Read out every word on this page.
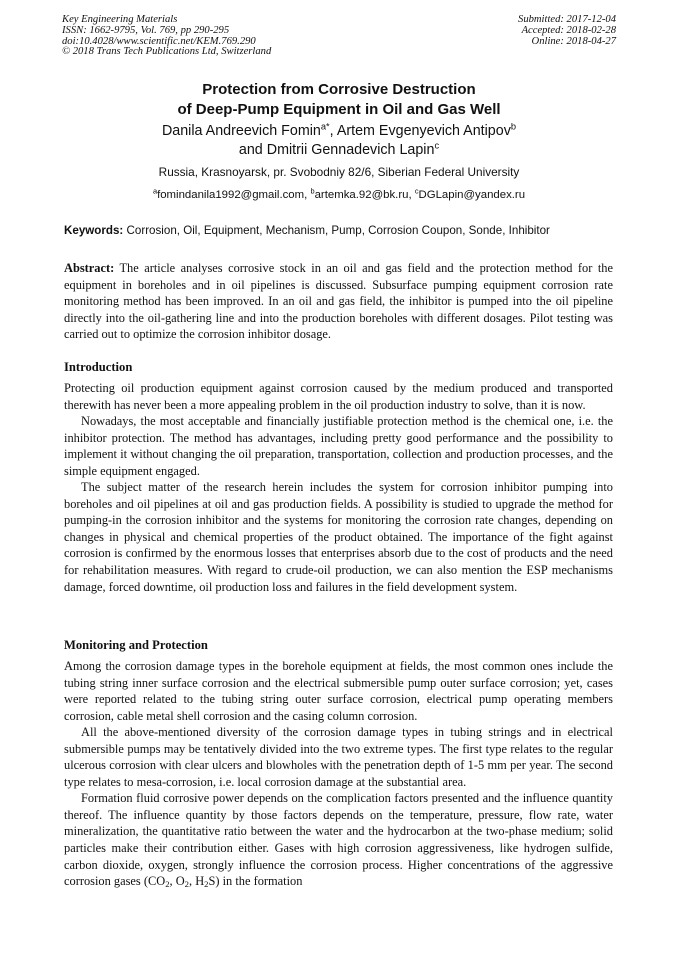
Key Engineering Materials
ISSN: 1662-9795, Vol. 769, pp 290-295
doi:10.4028/www.scientific.net/KEM.769.290
© 2018 Trans Tech Publications Ltd, Switzerland
Submitted: 2017-12-04
Accepted: 2018-02-28
Online: 2018-04-27
Protection from Corrosive Destruction
of Deep-Pump Equipment in Oil and Gas Well
Danila Andreevich Fomin$^{a*}$, Artem Evgenyevich Antipov$^b$
and Dmitrii Gennadevich Lapin$^c$
Russia, Krasnoyarsk, pr. Svobodniy 82/6, Siberian Federal University
$^a$fomindanila1992@gmail.com, $^b$artemka.92@bk.ru, $^c$DGLapin@yandex.ru
Keywords: Corrosion, Oil, Equipment, Mechanism, Pump, Corrosion Coupon, Sonde, Inhibitor

Abstract: The article analyses corrosive stock in an oil and gas field and the protection method for the equipment in boreholes and in oil pipelines is discussed. Subsurface pumping equipment corrosion rate monitoring method has been improved. In an oil and gas field, the inhibitor is pumped into the oil pipeline directly into the oil-gathering line and into the production boreholes with different dosages. Pilot testing was carried out to optimize the corrosion inhibitor dosage.

Introduction

Protecting oil production equipment against corrosion caused by the medium produced and transported therewith has never been a more appealing problem in the oil production industry to solve, than it is now.

Nowadays, the most acceptable and financially justifiable protection method is the chemical one, i.e. the inhibitor protection. The method has advantages, including pretty good performance and the possibility to implement it without changing the oil preparation, transportation, collection and production processes, and the simple equipment engaged.

The subject matter of the research herein includes the system for corrosion inhibitor pumping into boreholes and oil pipelines at oil and gas production fields. A possibility is studied to upgrade the method for pumping-in the corrosion inhibitor and the systems for monitoring the corrosion rate changes, depending on changes in physical and chemical properties of the product obtained. The importance of the fight against corrosion is confirmed by the enormous losses that enterprises absorb due to the cost of products and the need for rehabilitation measures. With regard to crude-oil production, we can also mention the ESP mechanisms damage, forced downtime, oil production loss and failures in the field development system.

Monitoring and Protection

Among the corrosion damage types in the borehole equipment at fields, the most common ones include the tubing string inner surface corrosion and the electrical submersible pump outer surface corrosion; yet, cases were reported related to the tubing string outer surface corrosion, electrical pump operating members corrosion, cable metal shell corrosion and the casing column corrosion.

All the above-mentioned diversity of the corrosion damage types in tubing strings and in electrical submersible pumps may be tentatively divided into the two extreme types. The first type relates to the regular ulcerous corrosion with clear ulcers and blowholes with the penetration depth of 1-5 mm per year. The second type relates to mesa-corrosion, i.e. local corrosion damage at the substantial area.

Formation fluid corrosive power depends on the complication factors presented and the influence quantity thereof. The influence quantity by those factors depends on the temperature, pressure, flow rate, water mineralization, the quantitative ratio between the water and the hydrocarbon at the two-phase medium; solid particles make their contribution either. Gases with high corrosion aggressiveness, like hydrogen sulfide, carbon dioxide, oxygen, strongly influence the corrosion process. Higher concentrations of the aggressive corrosion gases ($CO_2$, $O_2$, $H_2S$) in the formation
